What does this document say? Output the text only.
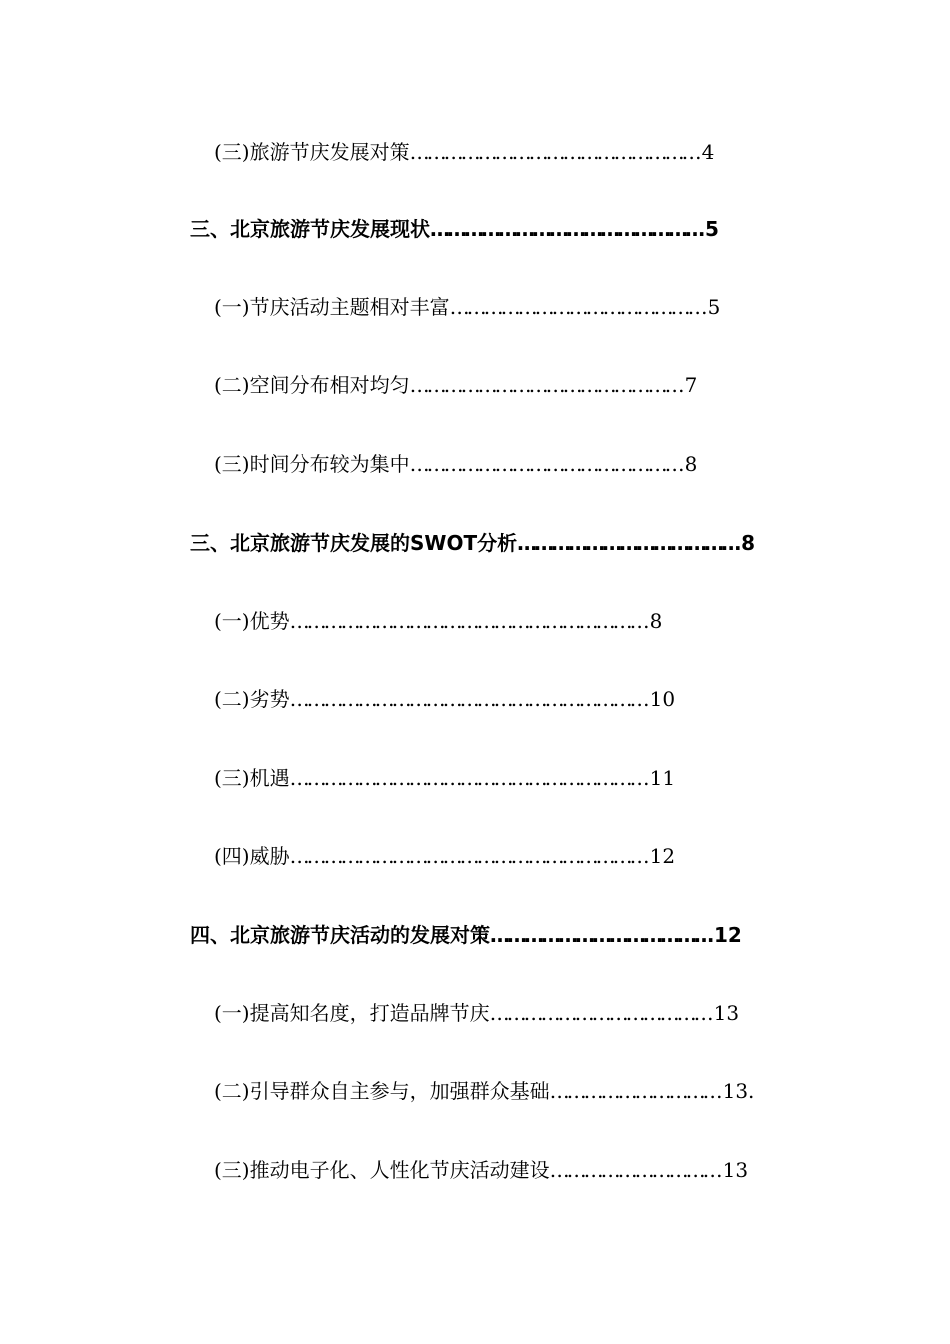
(三)旅游节庆发展对策…………………………………………… 4
三、北京旅游节庆发展现状………………………………………… 5
(一)节庆活动主题相对丰富……………………………………… 5
(二)空间分布相对均匀………………………………………… 7
(三)时间分布较为集中………………………………………… 8
三、北京旅游节庆发展的SWOT分析………………………………… 8
(一)优势……………………………………………………… 8
(二)劣势……………………………………………………… 10
(三)机遇……………………………………………………… 11
(四)威胁……………………………………………………… 12
四、北京旅游节庆活动的发展对策………………………………… 12
(一)提高知名度，打造品牌节庆………………………………… 13
(二)引导群众自主参与，加强群众基础………………………… 13.
(三)推动电子化、人性化节庆活动建设………………………… 13
